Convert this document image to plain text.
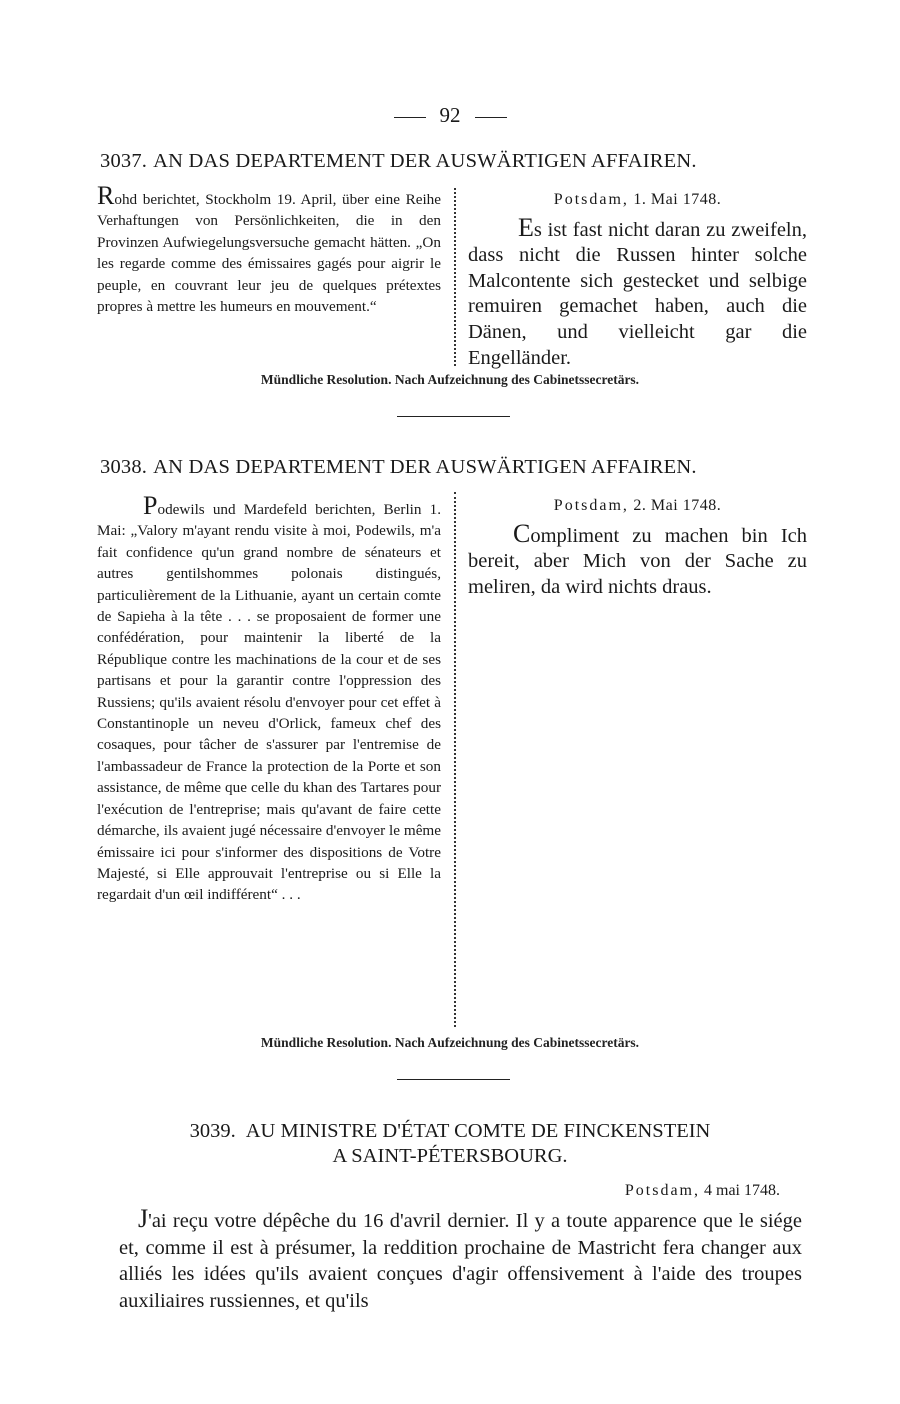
92
3037. AN DAS DEPARTEMENT DER AUSWÄRTIGEN AFFAIREN.
Rohd berichtet, Stockholm 19. April, über eine Reihe Verhaftungen von Persönlichkeiten, die in den Provinzen Aufwiegelungsversuche gemacht hätten. „On les regarde comme des émissaires gagés pour aigrir le peuple, en couvrant leur jeu de quelques prétextes propres à mettre les humeurs en mouvement.“
Potsdam, 1. Mai 1748.
Es ist fast nicht daran zu zweifeln, dass nicht die Russen hinter solche Malcontente sich gestecket und selbige remuiren gemachet haben, auch die Dänen, und vielleicht gar die Engelländer.
Mündliche Resolution. Nach Aufzeichnung des Cabinetssecretärs.
3038. AN DAS DEPARTEMENT DER AUSWÄRTIGEN AFFAIREN.
Podewils und Mardefeld berichten, Berlin 1. Mai: „Valory m'ayant rendu visite à moi, Podewils, m'a fait confidence qu'un grand nombre de sénateurs et autres gentilshommes polonais distingués, particulièrement de la Lithuanie, ayant un certain comte de Sapieha à la tête . . . se proposaient de former une confédération, pour maintenir la liberté de la République contre les machinations de la cour et de ses partisans et pour la garantir contre l'oppression des Russiens; qu'ils avaient résolu d'envoyer pour cet effet à Constantinople un neveu d'Orlick, fameux chef des cosaques, pour tâcher de s'assurer par l'entremise de l'ambassadeur de France la protection de la Porte et son assistance, de même que celle du khan des Tartares pour l'exécution de l'entreprise; mais qu'avant de faire cette démarche, ils avaient jugé nécessaire d'envoyer le même émissaire ici pour s'informer des dispositions de Votre Majesté, si Elle approuvait l'entreprise ou si Elle la regardait d'un œil indifférent“ . . .
Potsdam, 2. Mai 1748.
Compliment zu machen bin Ich bereit, aber Mich von der Sache zu meliren, da wird nichts draus.
Mündliche Resolution. Nach Aufzeichnung des Cabinetssecretärs.
3039. AU MINISTRE D'ÉTAT COMTE DE FINCKENSTEIN
A SAINT-PÉTERSBOURG.
Potsdam, 4 mai 1748.
J'ai reçu votre dépêche du 16 d'avril dernier. Il y a toute apparence que le siége et, comme il est à présumer, la reddition prochaine de Mastricht fera changer aux alliés les idées qu'ils avaient conçues d'agir offensivement à l'aide des troupes auxiliaires russiennes, et qu'ils
